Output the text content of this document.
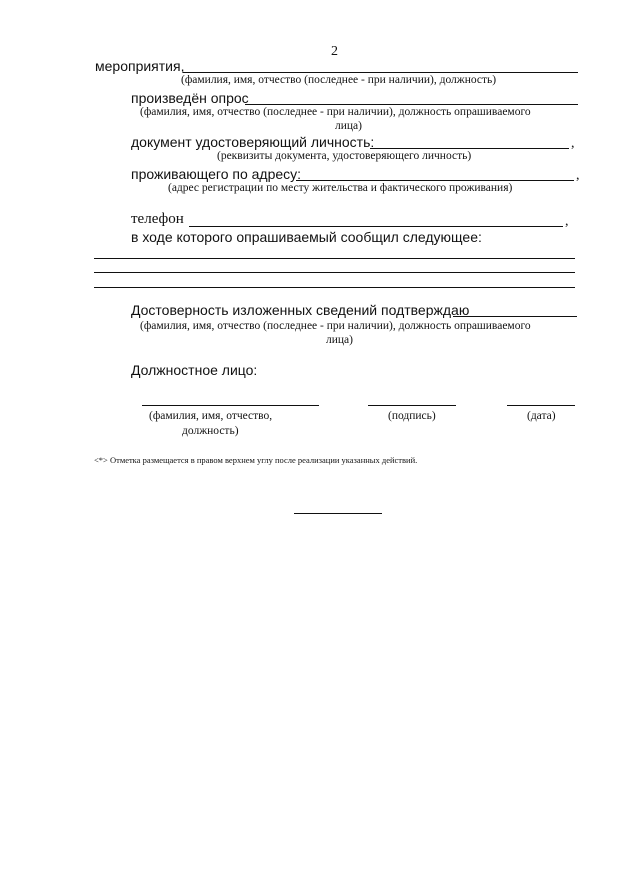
2
мероприятия,
(фамилия, имя, отчество (последнее - при наличии), должность)
произведён опрос
(фамилия, имя, отчество (последнее - при наличии), должность опрашиваемого
лица)
документ удостоверяющий личность:	,
(реквизиты документа, удостоверяющего личность)
проживающего по адресу:	,
(адрес регистрации по месту жительства и фактического проживания)
телефон	,
в ходе которого опрашиваемый сообщил следующее:
Достоверность изложенных сведений подтверждаю
(фамилия, имя, отчество (последнее - при наличии), должность опрашиваемого
лица)
Должностное лицо:
(фамилия, имя, отчество,
должность)
(подпись)	(дата)
<*> Отметка размещается в правом верхнем углу после реализации указанных действий.
